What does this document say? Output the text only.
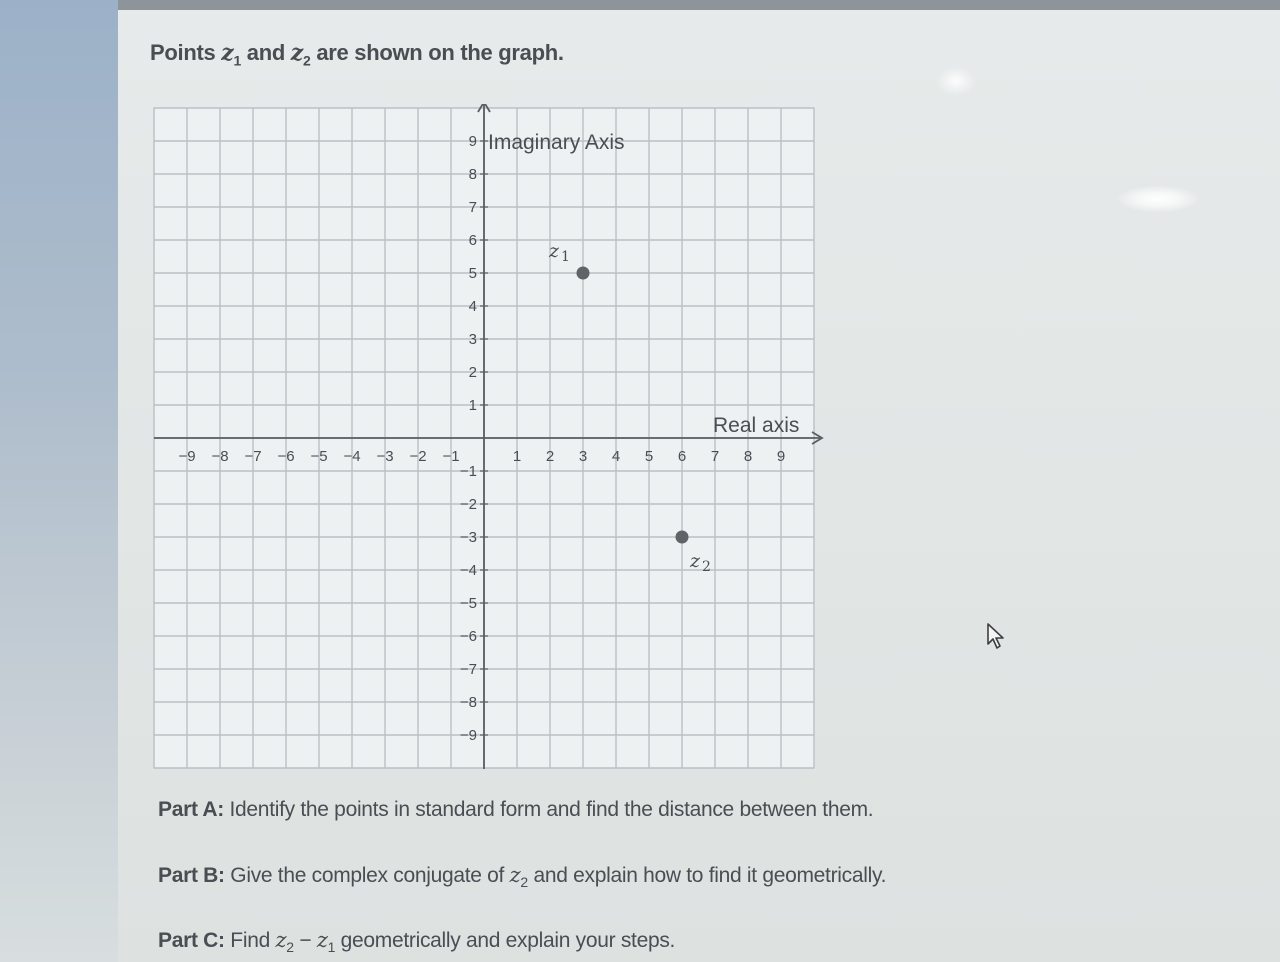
Points $z_1$ and $z_2$ are shown on the graph.
−9 −8 −7 −6 −5 −4 −3 −2 −1	1 2 3 4 5 6 7 8 9
9
8
7
6
5
4
3
2
1
−1
−2
−3
−4
−5
−6
−7
−8
−9
z 1
z 2
Real axis
Imaginary Axis
Part A: Identify the points in standard form and find the distance between them.
Part B: Give the complex conjugate of $z_2$ and explain how to find it geometrically.
Part C: Find $z_2 - z_1$ geometrically and explain your steps.
